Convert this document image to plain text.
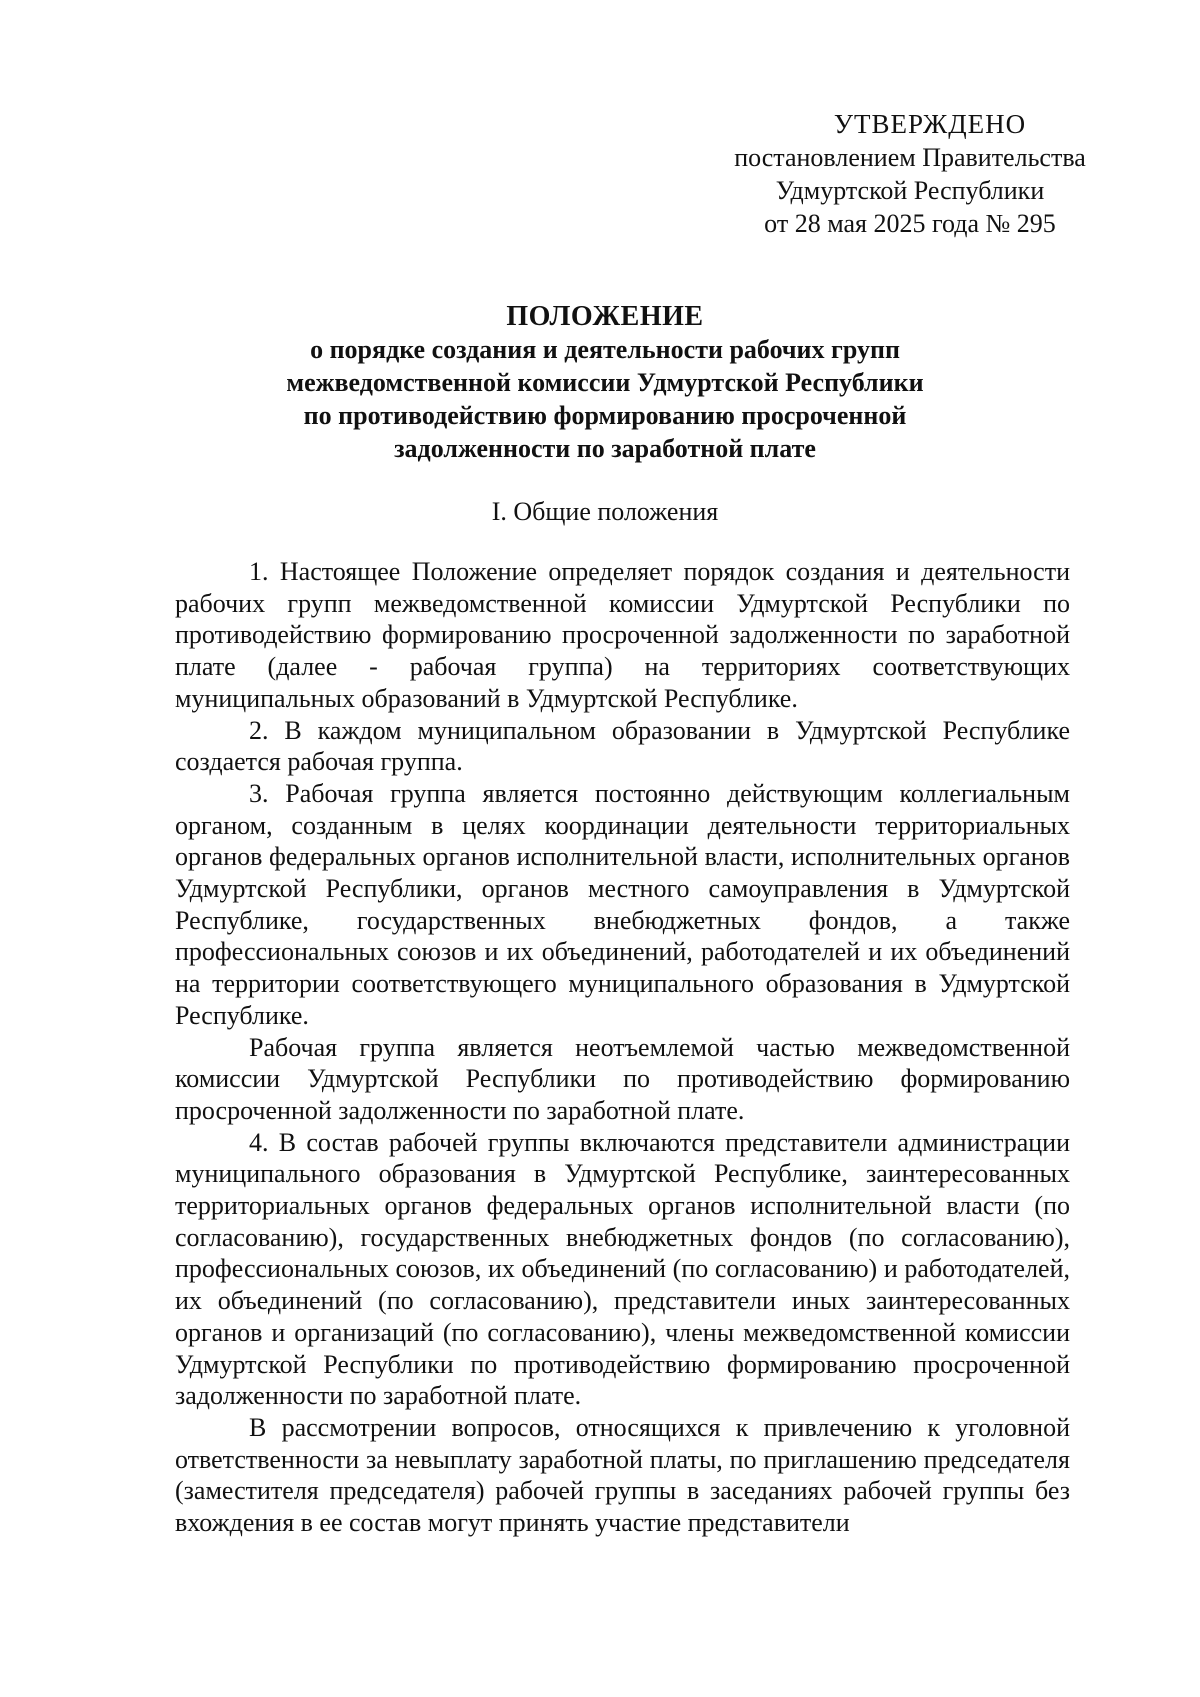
УТВЕРЖДЕНО
постановлением Правительства
Удмуртской Республики
от 28 мая 2025 года № 295
ПОЛОЖЕНИЕ
о порядке создания и деятельности рабочих групп
межведомственной комиссии Удмуртской Республики
по противодействию формированию просроченной
задолженности по заработной плате
I. Общие положения

1. Настоящее Положение определяет порядок создания и деятельности рабочих групп межведомственной комиссии Удмуртской Республики по противодействию формированию просроченной задолженности по заработной плате (далее - рабочая группа) на территориях соответствующих муниципальных образований в Удмуртской Республике.

2. В каждом муниципальном образовании в Удмуртской Республике создается рабочая группа.

3. Рабочая группа является постоянно действующим коллегиальным органом, созданным в целях координации деятельности территориальных органов федеральных органов исполнительной власти, исполнительных органов Удмуртской Республики, органов местного самоуправления в Удмуртской Республике, государственных внебюджетных фондов, а также профессиональных союзов и их объединений, работодателей и их объединений на территории соответствующего муниципального образования в Удмуртской Республике.

Рабочая группа является неотъемлемой частью межведомственной комиссии Удмуртской Республики по противодействию формированию просроченной задолженности по заработной плате.

4. В состав рабочей группы включаются представители администрации муниципального образования в Удмуртской Республике, заинтересованных территориальных органов федеральных органов исполнительной власти (по согласованию), государственных внебюджетных фондов (по согласованию), профессиональных союзов, их объединений (по согласованию) и работодателей, их объединений (по согласованию), представители иных заинтересованных органов и организаций (по согласованию), члены межведомственной комиссии Удмуртской Республики по противодействию формированию просроченной задолженности по заработной плате.

В рассмотрении вопросов, относящихся к привлечению к уголовной ответственности за невыплату заработной платы, по приглашению председателя (заместителя председателя) рабочей группы в заседаниях рабочей группы без вхождения в ее состав могут принять участие представители
